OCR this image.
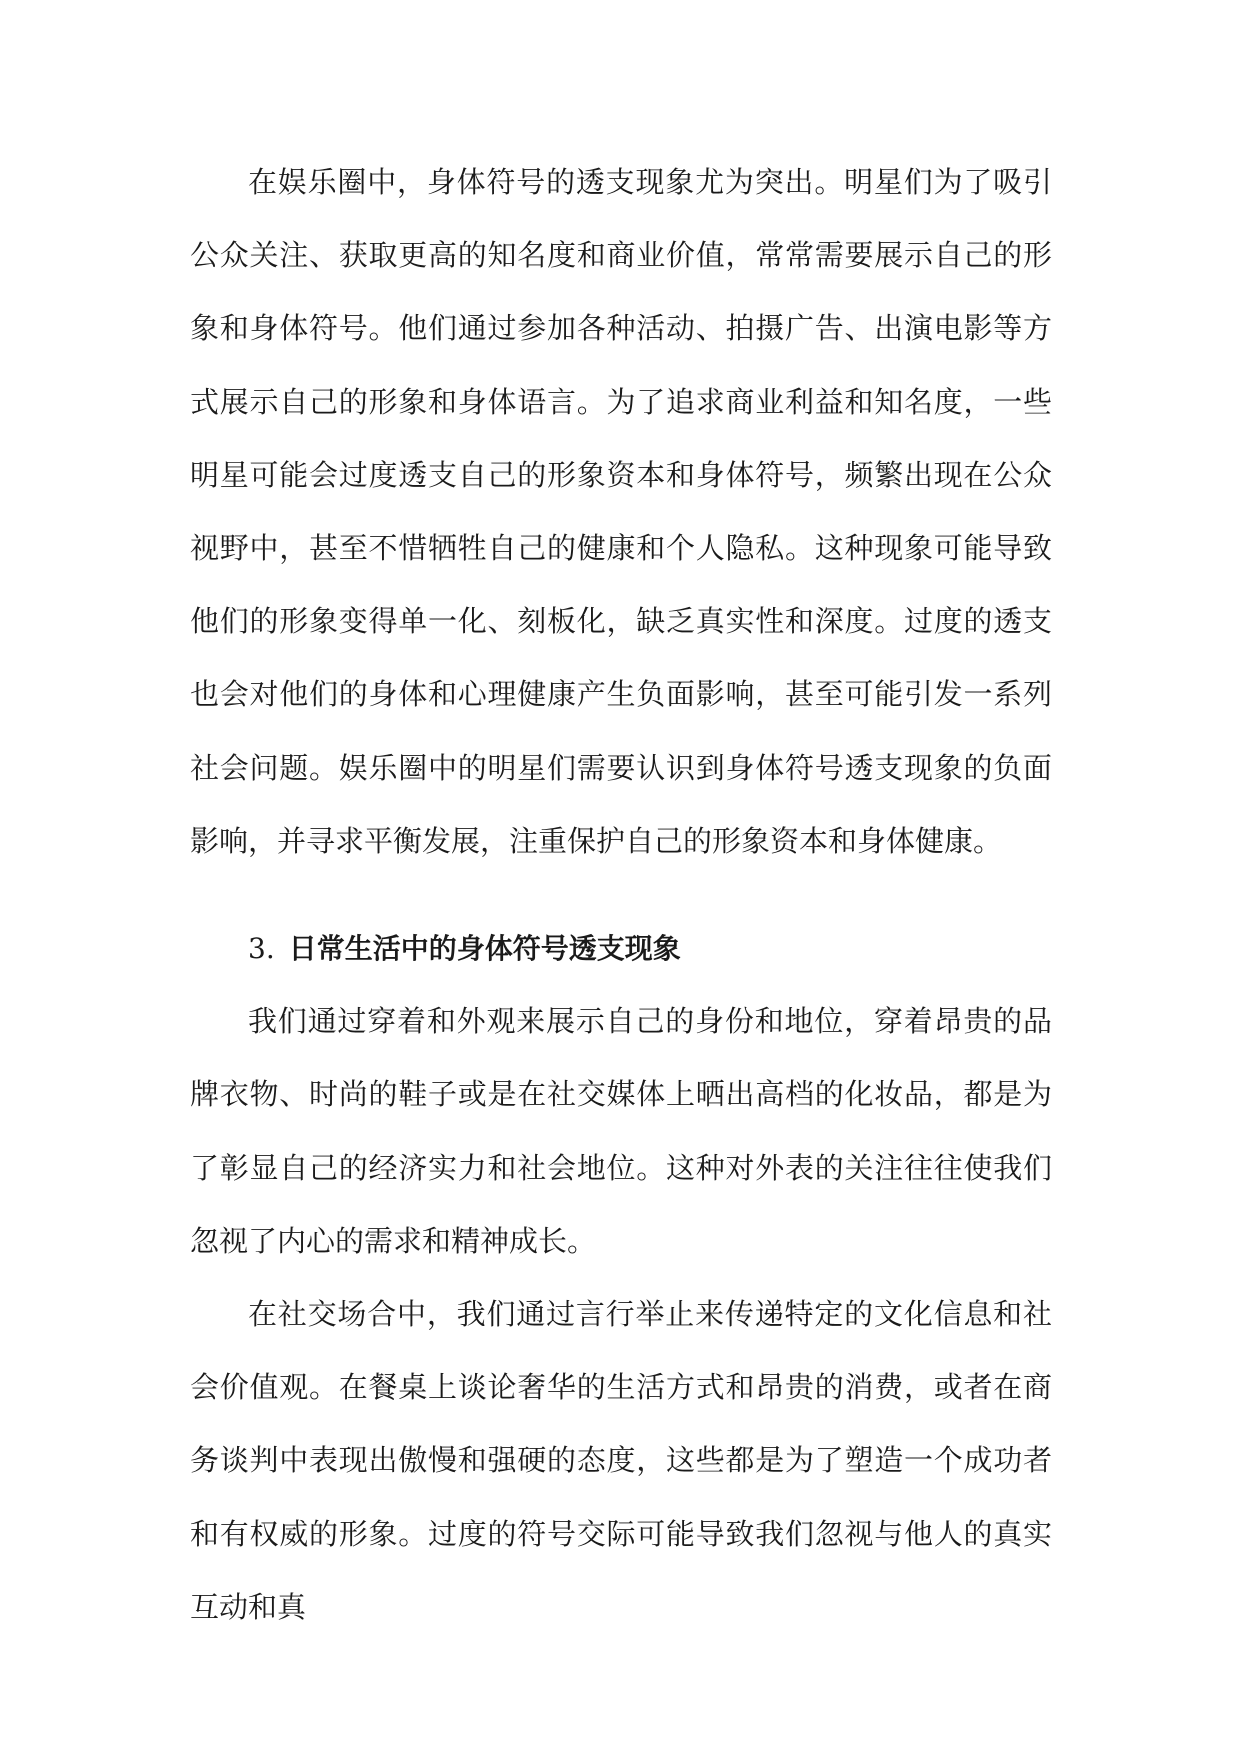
在娱乐圈中，身体符号的透支现象尤为突出。明星们为了吸引公众关注、获取更高的知名度和商业价值，常常需要展示自己的形象和身体符号。他们通过参加各种活动、拍摄广告、出演电影等方式展示自己的形象和身体语言。为了追求商业利益和知名度，一些明星可能会过度透支自己的形象资本和身体符号，频繁出现在公众视野中，甚至不惜牺牲自己的健康和个人隐私。这种现象可能导致他们的形象变得单一化、刻板化，缺乏真实性和深度。过度的透支也会对他们的身体和心理健康产生负面影响，甚至可能引发一系列社会问题。娱乐圈中的明星们需要认识到身体符号透支现象的负面影响，并寻求平衡发展，注重保护自己的形象资本和身体健康。

3. 日常生活中的身体符号透支现象

我们通过穿着和外观来展示自己的身份和地位，穿着昂贵的品牌衣物、时尚的鞋子或是在社交媒体上晒出高档的化妆品，都是为了彰显自己的经济实力和社会地位。这种对外表的关注往往使我们忽视了内心的需求和精神成长。

在社交场合中，我们通过言行举止来传递特定的文化信息和社会价值观。在餐桌上谈论奢华的生活方式和昂贵的消费，或者在商务谈判中表现出傲慢和强硬的态度，这些都是为了塑造一个成功者和有权威的形象。过度的符号交际可能导致我们忽视与他人的真实互动和真
